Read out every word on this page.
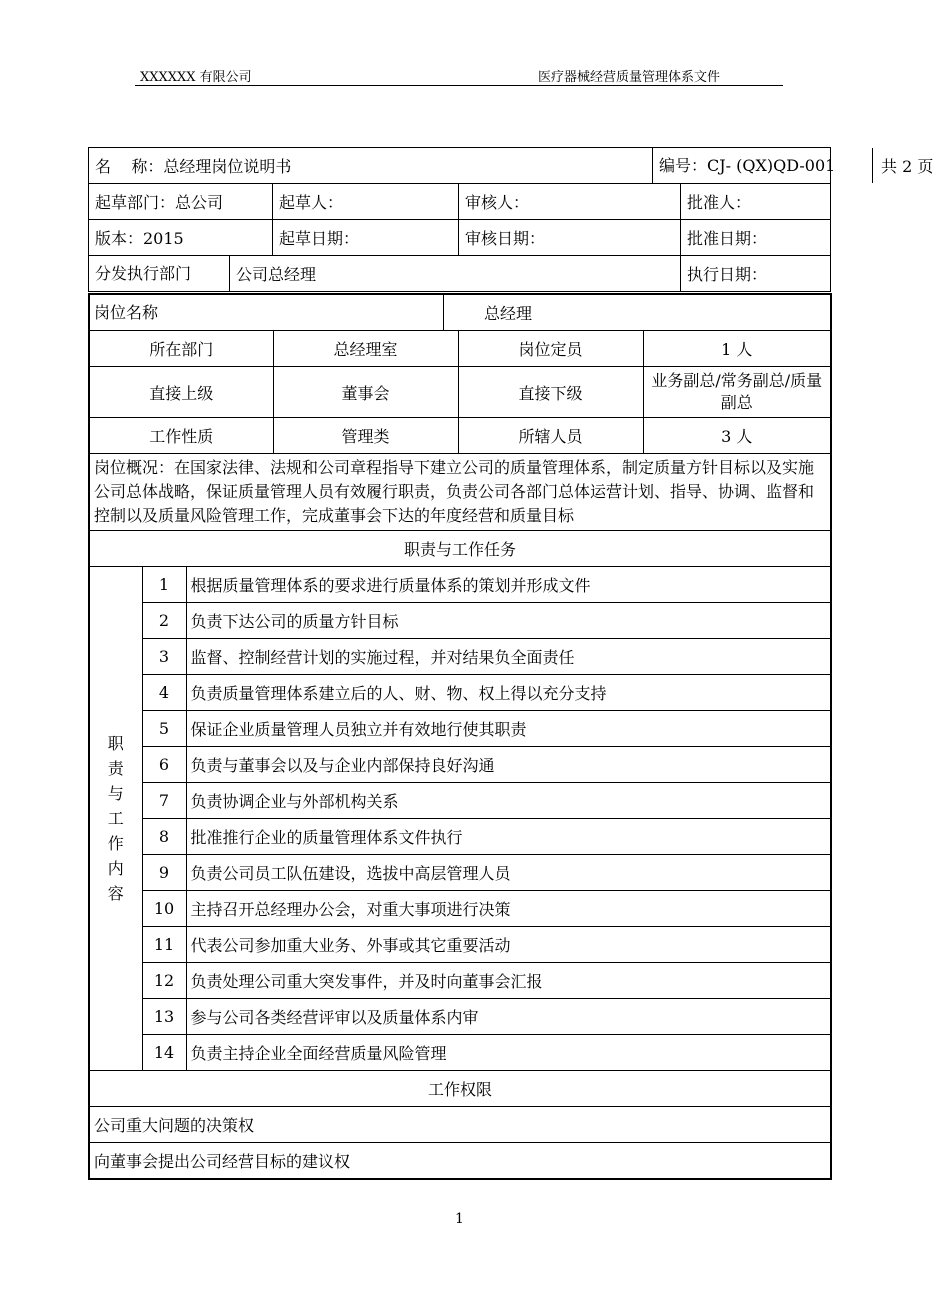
XXXXXX 有限公司	医疗器械经营质量管理体系文件
名    称：总经理岗位说明书			编号：CJ- (QX)QD-001 共 2 页	

起草部门：总公司	起草人：	审核人：		批准人：
版本：2015	起草日期：	审核日期：		批准日期：

分发执行部门 公司总经理				执行日期：
岗位名称 总经理					

所在部门			总经理室	岗位定员	1 人
直接上级			董事会	直接下级	业务副总/常务副总/质量副总
工作性质			管理类	所辖人员	3 人
岗位概况：在国家法律、法规和公司章程指导下建立公司的质量管理体系，制定质量方针目标以及实施公司总体战略，保证质量管理人员有效履行职责，负责公司各部门总体运营计划、指导、协调、监督和控制以及质量风险管理工作，完成董事会下达的年度经营和质量目标					
职责与工作任务					

职责与工作内容	1	根据质量管理体系的要求进行质量体系的策划并形成文件			
	2	负责下达公司的质量方针目标			
	3	监督、控制经营计划的实施过程，并对结果负全面责任			
	4	负责质量管理体系建立后的人、财、物、权上得以充分支持			
	5	保证企业质量管理人员独立并有效地行使其职责			
	6	负责与董事会以及与企业内部保持良好沟通			
	7	负责协调企业与外部机构关系			
	8	批准推行企业的质量管理体系文件执行			
	9	负责公司员工队伍建设，选拔中高层管理人员			
	10	主持召开总经理办公会，对重大事项进行决策			
	11	代表公司参加重大业务、外事或其它重要活动			
	12	负责处理公司重大突发事件，并及时向董事会汇报			
	13	参与公司各类经营评审以及质量体系内审			
	14	负责主持企业全面经营质量风险管理			
工作权限					
公司重大问题的决策权					
向董事会提出公司经营目标的建议权					
1
